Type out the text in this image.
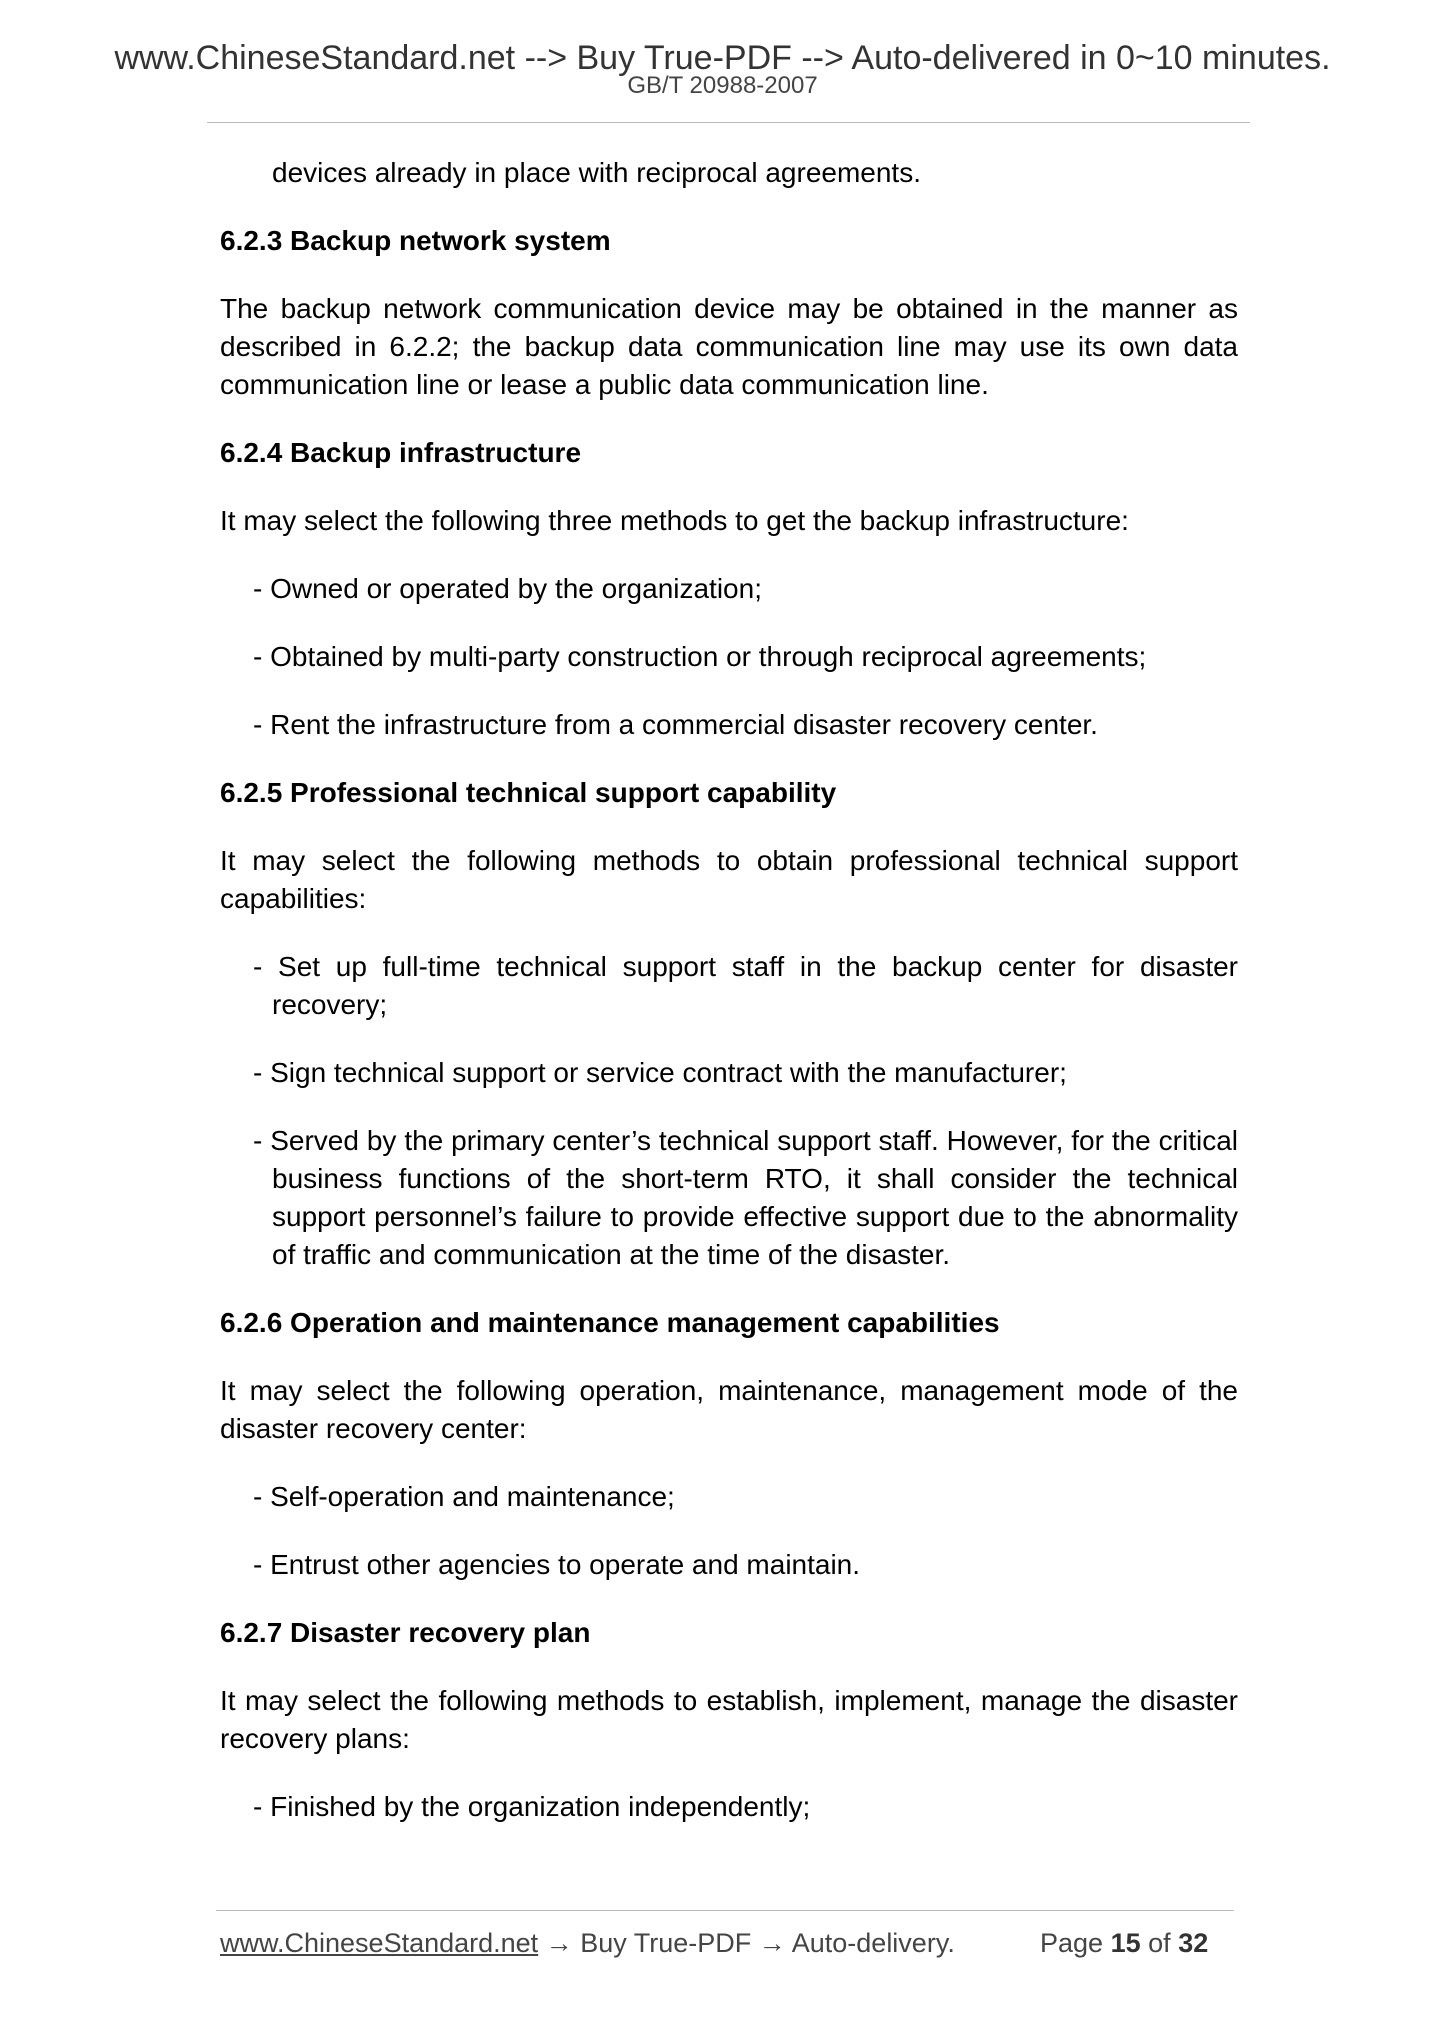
www.ChineseStandard.net --> Buy True-PDF --> Auto-delivered in 0~10 minutes.
GB/T 20988-2007

devices already in place with reciprocal agreements.

6.2.3 Backup network system

The backup network communication device may be obtained in the manner as described in 6.2.2; the backup data communication line may use its own data communication line or lease a public data communication line.

6.2.4 Backup infrastructure

It may select the following three methods to get the backup infrastructure:

- Owned or operated by the organization;

- Obtained by multi-party construction or through reciprocal agreements;

- Rent the infrastructure from a commercial disaster recovery center.

6.2.5 Professional technical support capability

It may select the following methods to obtain professional technical support capabilities:

- Set up full-time technical support staff in the backup center for disaster recovery;

- Sign technical support or service contract with the manufacturer;

- Served by the primary center’s technical support staff. However, for the critical business functions of the short-term RTO, it shall consider the technical support personnel’s failure to provide effective support due to the abnormality of traffic and communication at the time of the disaster.

6.2.6 Operation and maintenance management capabilities

It may select the following operation, maintenance, management mode of the disaster recovery center:

- Self-operation and maintenance;

- Entrust other agencies to operate and maintain.

6.2.7 Disaster recovery plan

It may select the following methods to establish, implement, manage the disaster recovery plans:

- Finished by the organization independently;

www.ChineseStandard.net → Buy True-PDF → Auto-delivery.	Page 15 of 32
